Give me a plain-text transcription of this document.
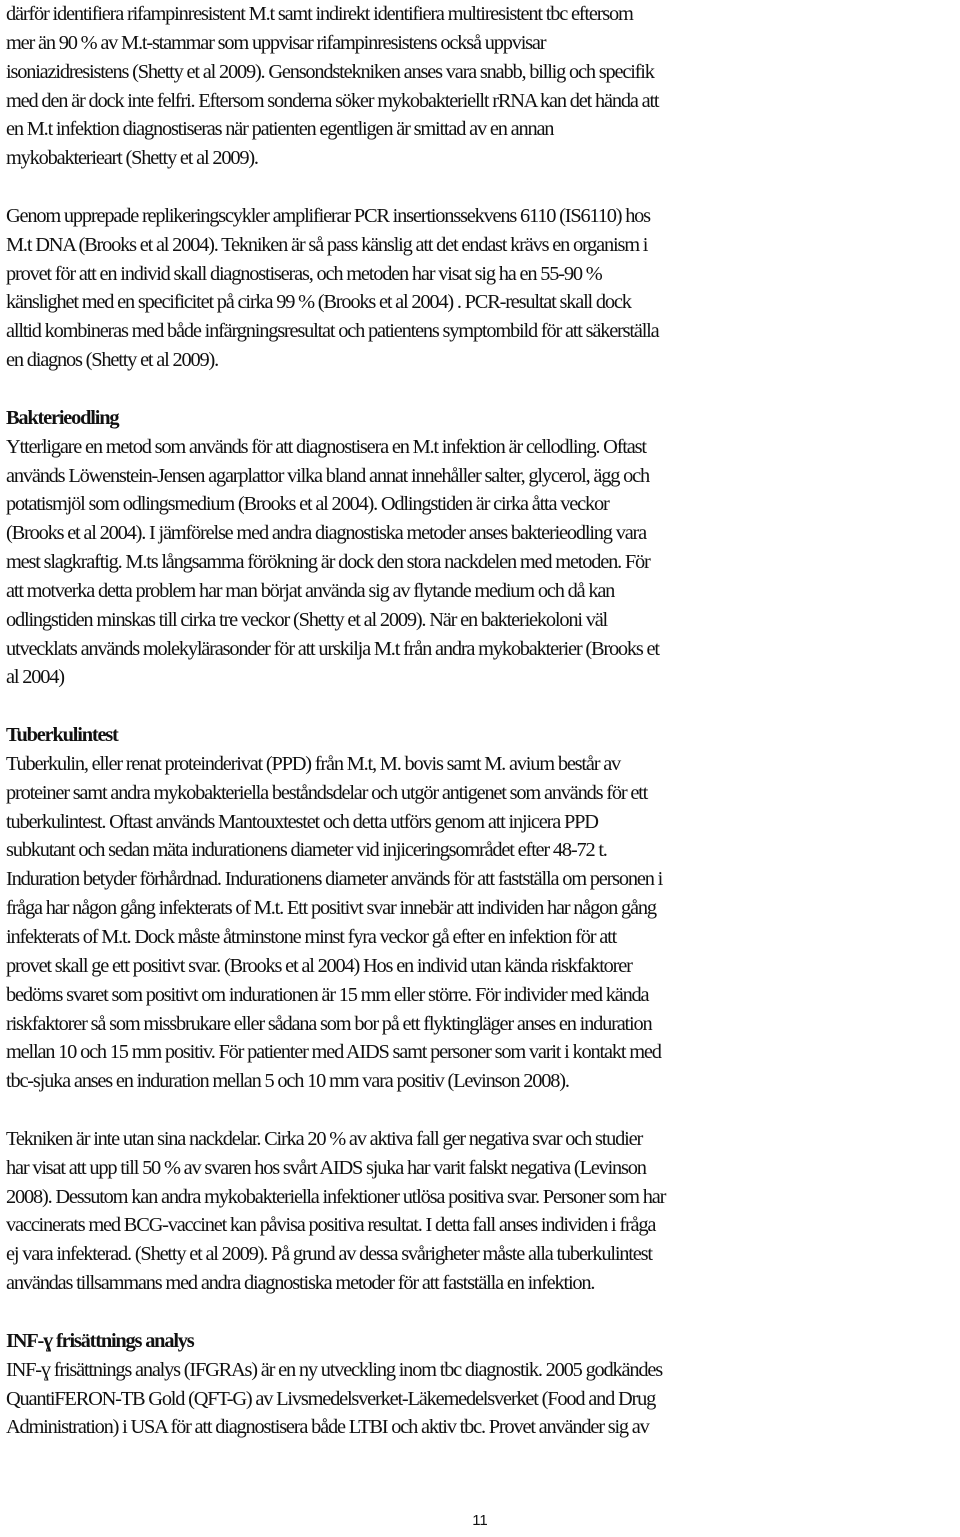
därför identifiera rifampinresistent M.t samt indirekt identifiera multiresistent tbc eftersom
mer än 90 % av M.t-stammar som uppvisar rifampinresistens också uppvisar
isoniazidresistens (Shetty et al 2009). Gensondstekniken anses vara snabb, billig och specifik
med den är dock inte felfri. Eftersom sonderna söker mykobakteriellt rRNA kan det hända att
en M.t infektion diagnostiseras när patienten egentligen är smittad av en annan
mykobakterieart (Shetty et al 2009).
Genom upprepade replikeringscykler amplifierar PCR insertionssekvens 6110 (IS6110) hos
M.t DNA (Brooks et al 2004). Tekniken är så pass känslig att det endast krävs en organism i
provet för att en individ skall diagnostiseras, och metoden har visat sig ha en 55-90 %
känslighet med en specificitet på cirka 99 % (Brooks et al 2004) . PCR-resultat skall dock
alltid kombineras med både infärgningsresultat och patientens symptombild för att säkerställa
en diagnos (Shetty et al 2009).
Bakterieodling
Ytterligare en metod som används för att diagnostisera en M.t infektion är cellodling. Oftast
används Löwenstein-Jensen agarplattor vilka bland annat innehåller salter, glycerol, ägg och
potatismjöl som odlingsmedium (Brooks et al 2004). Odlingstiden är cirka åtta veckor
(Brooks et al 2004). I jämförelse med andra diagnostiska metoder anses bakterieodling vara
mest slagkraftig. M.ts långsamma förökning är dock den stora nackdelen med metoden. För
att motverka detta problem har man börjat använda sig av flytande medium och då kan
odlingstiden minskas till cirka tre veckor (Shetty et al 2009). När en bakteriekoloni väl
utvecklats används molekylärasonder för att urskilja M.t från andra mykobakterier (Brooks et
al 2004)
Tuberkulintest
Tuberkulin, eller renat proteinderivat (PPD) från M.t, M. bovis samt M. avium består av
proteiner samt andra mykobakteriella beståndsdelar och utgör antigenet som används för ett
tuberkulintest. Oftast används Mantouxtestet och detta utförs genom att injicera PPD
subkutant och sedan mäta indurationens diameter vid injiceringsområdet efter 48-72 t.
Induration betyder förhårdnad. Indurationens diameter används för att fastställa om personen i
fråga har någon gång infekterats of M.t. Ett positivt svar innebär att individen har någon gång
infekterats of M.t. Dock måste åtminstone minst fyra veckor gå efter en infektion för att
provet skall ge ett positivt svar. (Brooks et al 2004) Hos en individ utan kända riskfaktorer
bedöms svaret som positivt om indurationen är 15 mm eller större. För individer med kända
riskfaktorer så som missbrukare eller sådana som bor på ett flyktingläger anses en induration
mellan 10 och 15 mm positiv. För patienter med AIDS samt personer som varit i kontakt med
tbc-sjuka anses en induration mellan 5 och 10 mm vara positiv (Levinson 2008).
Tekniken är inte utan sina nackdelar. Cirka 20 % av aktiva fall ger negativa svar och studier
har visat att upp till 50 % av svaren hos svårt AIDS sjuka har varit falskt negativa (Levinson
2008). Dessutom kan andra mykobakteriella infektioner utlösa positiva svar. Personer som har
vaccinerats med BCG-vaccinet kan påvisa positiva resultat. I detta fall anses individen i fråga
ej vara infekterad. (Shetty et al 2009). På grund av dessa svårigheter måste alla tuberkulintest
användas tillsammans med andra diagnostiska metoder för att fastställa en infektion.
INF-ɣ frisättnings analys
INF-ɣ frisättnings analys (IFGRAs) är en ny utveckling inom tbc diagnostik. 2005 godkändes
QuantiFERON-TB Gold (QFT-G) av Livsmedelsverket-Läkemedelsverket (Food and Drug
Administration) i USA för att diagnostisera både LTBI och aktiv tbc. Provet använder sig av
11
